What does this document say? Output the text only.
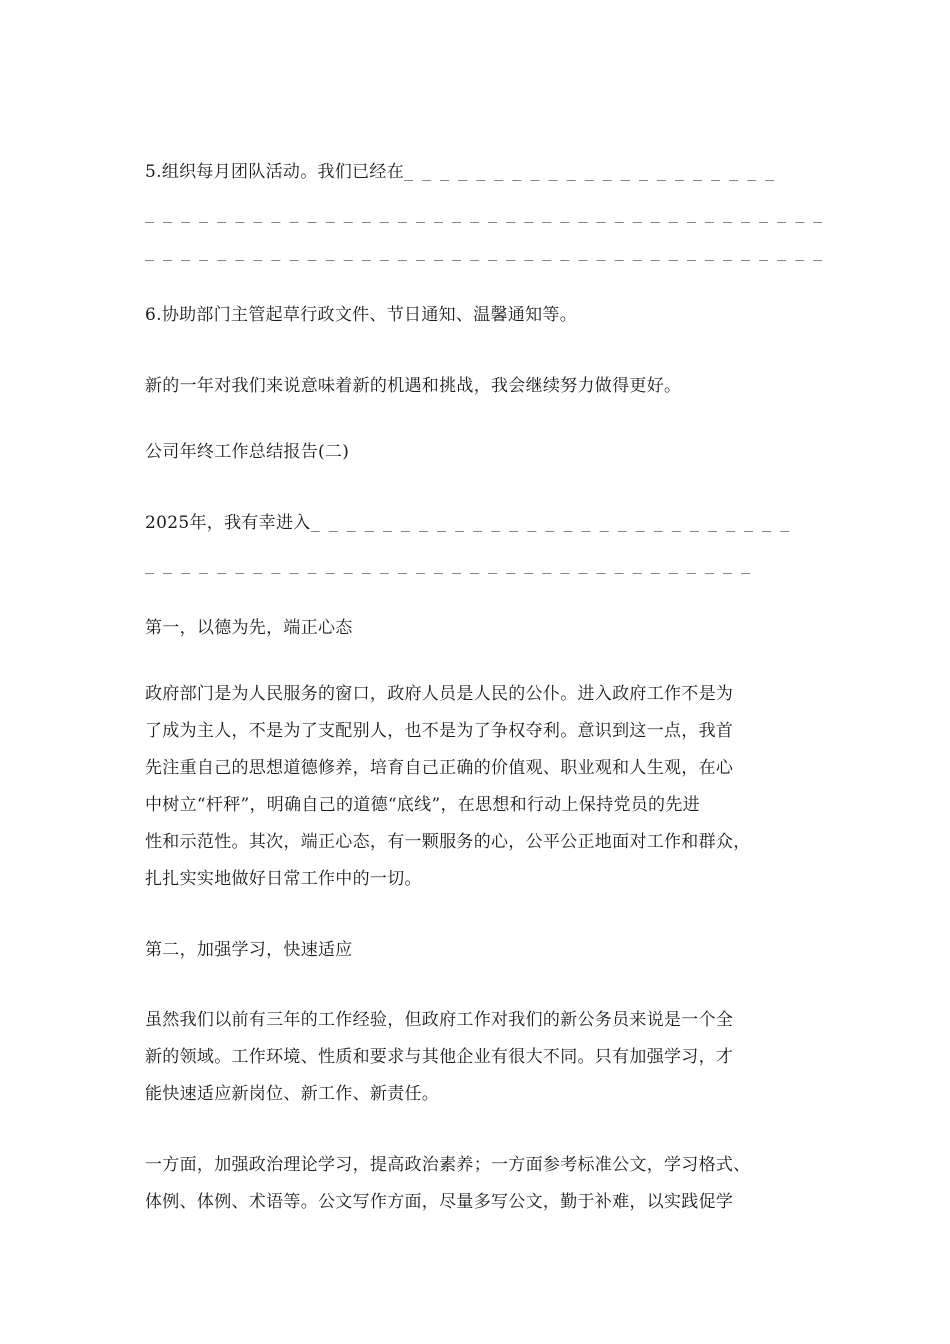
5.组织每月团队活动。我们已经在_ _ _ _ _ _ _ _ _ _ _ _ _ _ _ _ _ _ _ _ _
_ _ _ _ _ _ _ _ _ _ _ _ _ _ _ _ _ _ _ _ _ _ _ _ _ _ _ _ _ _ _ _ _ _ _ _ _ _
_ _ _ _ _ _ _ _ _ _ _ _ _ _ _ _ _ _ _ _ _ _ _ _ _ _ _ _ _ _ _ _ _ _ _ _ _ _
6.协助部门主管起草行政文件、节日通知、温馨通知等。
新的一年对我们来说意味着新的机遇和挑战，我会继续努力做得更好。
公司年终工作总结报告(二)
2025年，我有幸进入_ _ _ _ _ _ _ _ _ _ _ _ _ _ _ _ _ _ _ _ _ _ _ _ _ _ _
_ _ _ _ _ _ _ _ _ _ _ _ _ _ _ _ _ _ _ _ _ _ _ _ _ _ _ _ _ _ _ _ _ _
第一，以德为先，端正心态
政府部门是为人民服务的窗口，政府人员是人民的公仆。进入政府工作不是为
了成为主人，不是为了支配别人，也不是为了争权夺利。意识到这一点，我首
先注重自己的思想道德修养，培育自己正确的价值观、职业观和人生观，在心
中树立“杆秤”，明确自己的道德“底线”，在思想和行动上保持党员的先进
性和示范性。其次，端正心态，有一颗服务的心，公平公正地面对工作和群众，
扎扎实实地做好日常工作中的一切。
第二，加强学习，快速适应
虽然我们以前有三年的工作经验，但政府工作对我们的新公务员来说是一个全
新的领域。工作环境、性质和要求与其他企业有很大不同。只有加强学习，才
能快速适应新岗位、新工作、新责任。
一方面，加强政治理论学习，提高政治素养；一方面参考标准公文，学习格式、
体例、体例、术语等。公文写作方面，尽量多写公文，勤于补难，以实践促学
